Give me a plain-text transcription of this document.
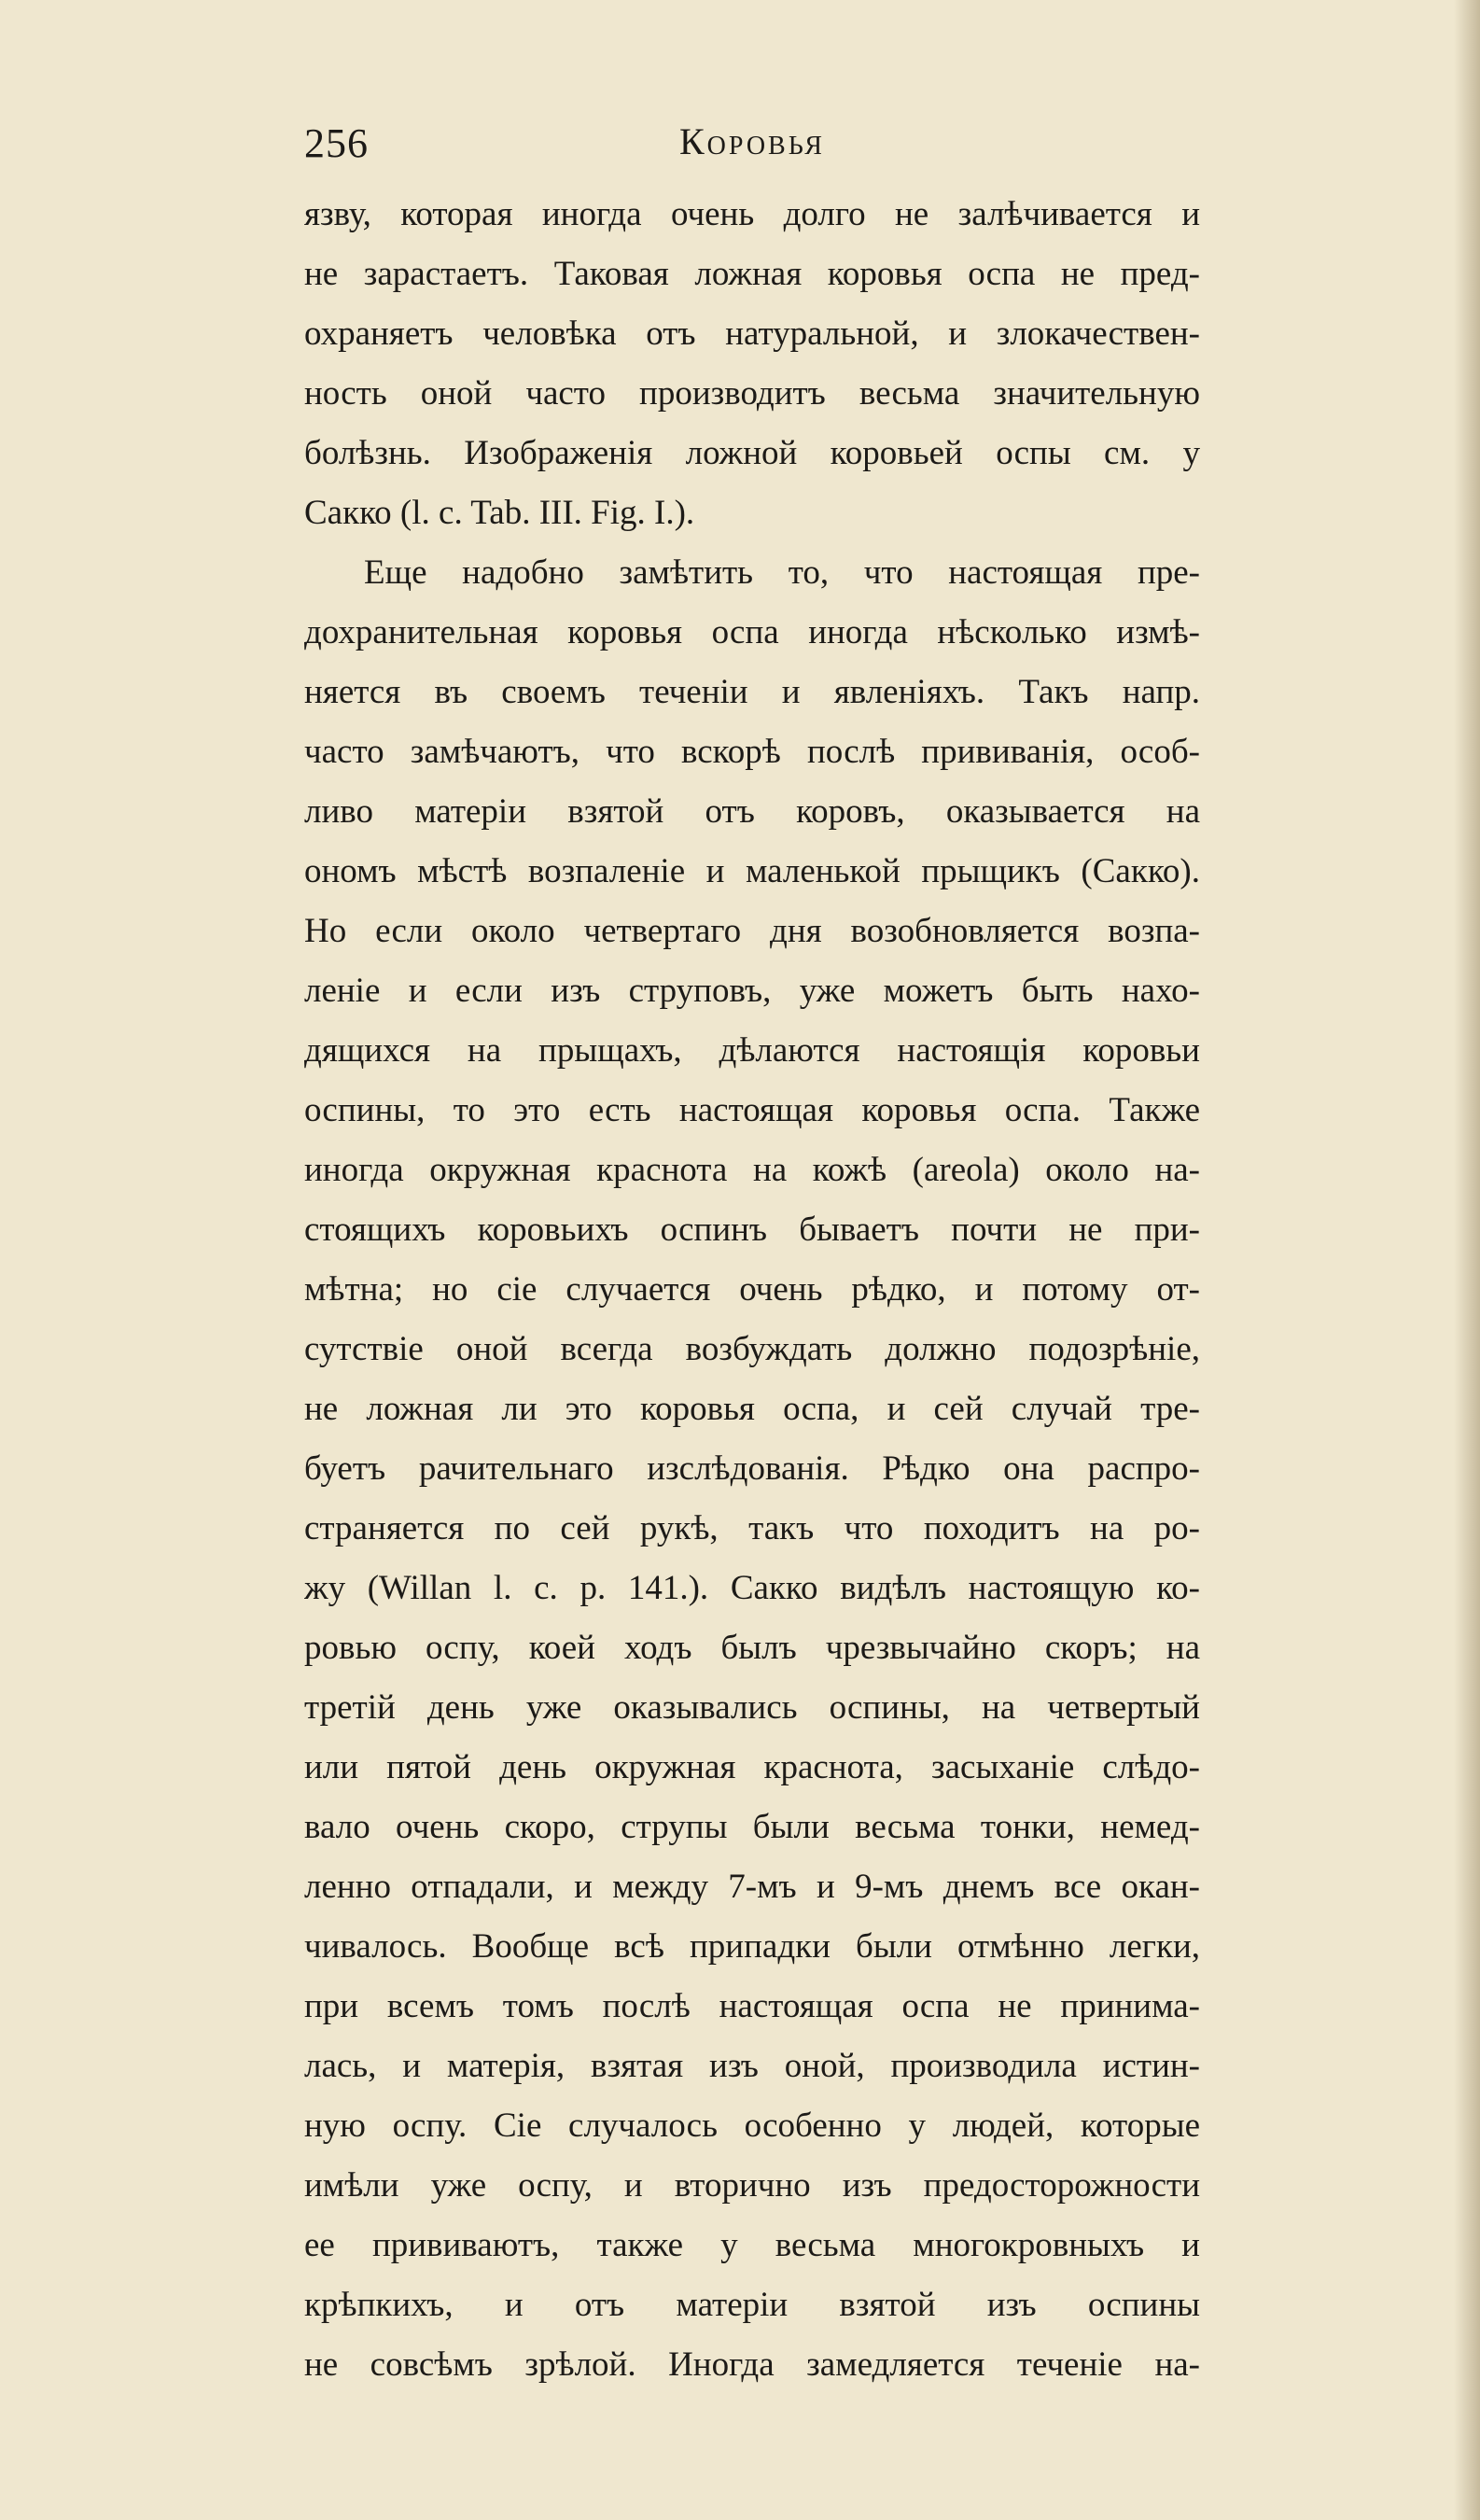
256	Коровья
язву, которая иногда очень долго не залѣчивается и
не зарастаетъ. Таковая ложная коровья оспа не пред-
охраняетъ человѣка отъ натуральной, и злокачествен-
ность оной часто производитъ весьма значительную
болѣзнь. Изображенія ложной коровьей оспы см. у
Сакко (l. c. Tab. III. Fig. I.).
Еще надобно замѣтить то, что настоящая пре-
дохранительная коровья оспа иногда нѣсколько измѣ-
няется въ своемъ теченіи и явленіяхъ. Такъ напр.
часто замѣчаютъ, что вскорѣ послѣ прививанія, особ-
ливо матеріи взятой отъ коровъ, оказывается на
ономъ мѣстѣ возпаленіе и маленькой прыщикъ (Сакко).
Но если около четвертаго дня возобновляется возпа-
леніе и если изъ струповъ, уже можетъ быть нахо-
дящихся на прыщахъ, дѣлаются настоящія коровьи
оспины, то это есть настоящая коровья оспа. Также
иногда окружная краснота на кожѣ (areola) около на-
стоящихъ коровьихъ оспинъ бываетъ почти не при-
мѣтна; но сіе случается очень рѣдко, и потому от-
сутствіе оной всегда возбуждать должно подозрѣніе,
не ложная ли это коровья оспа, и сей случай тре-
буетъ рачительнаго изслѣдованія. Рѣдко она распро-
страняется по сей рукѣ, такъ что походитъ на ро-
жу (Willan l. c. p. 141.). Сакко видѣлъ настоящую ко-
ровью оспу, коей ходъ былъ чрезвычайно скоръ; на
третій день уже оказывались оспины, на четвертый
или пятой день окружная краснота, засыханіе слѣдо-
вало очень скоро, струпы были весьма тонки, немед-
ленно отпадали, и между 7-мъ и 9-мъ днемъ все окан-
чивалось. Вообще всѣ припадки были отмѣнно легки,
при всемъ томъ послѣ настоящая оспа не принима-
лась, и матерія, взятая изъ оной, производила истин-
ную оспу. Сіе случалось особенно у людей, которые
имѣли уже оспу, и вторично изъ предосторожности
ее прививаютъ, также у весьма многокровныхъ и
крѣпкихъ, и отъ матеріи взятой изъ оспины
не совсѣмъ зрѣлой. Иногда замедляется теченіе на-
